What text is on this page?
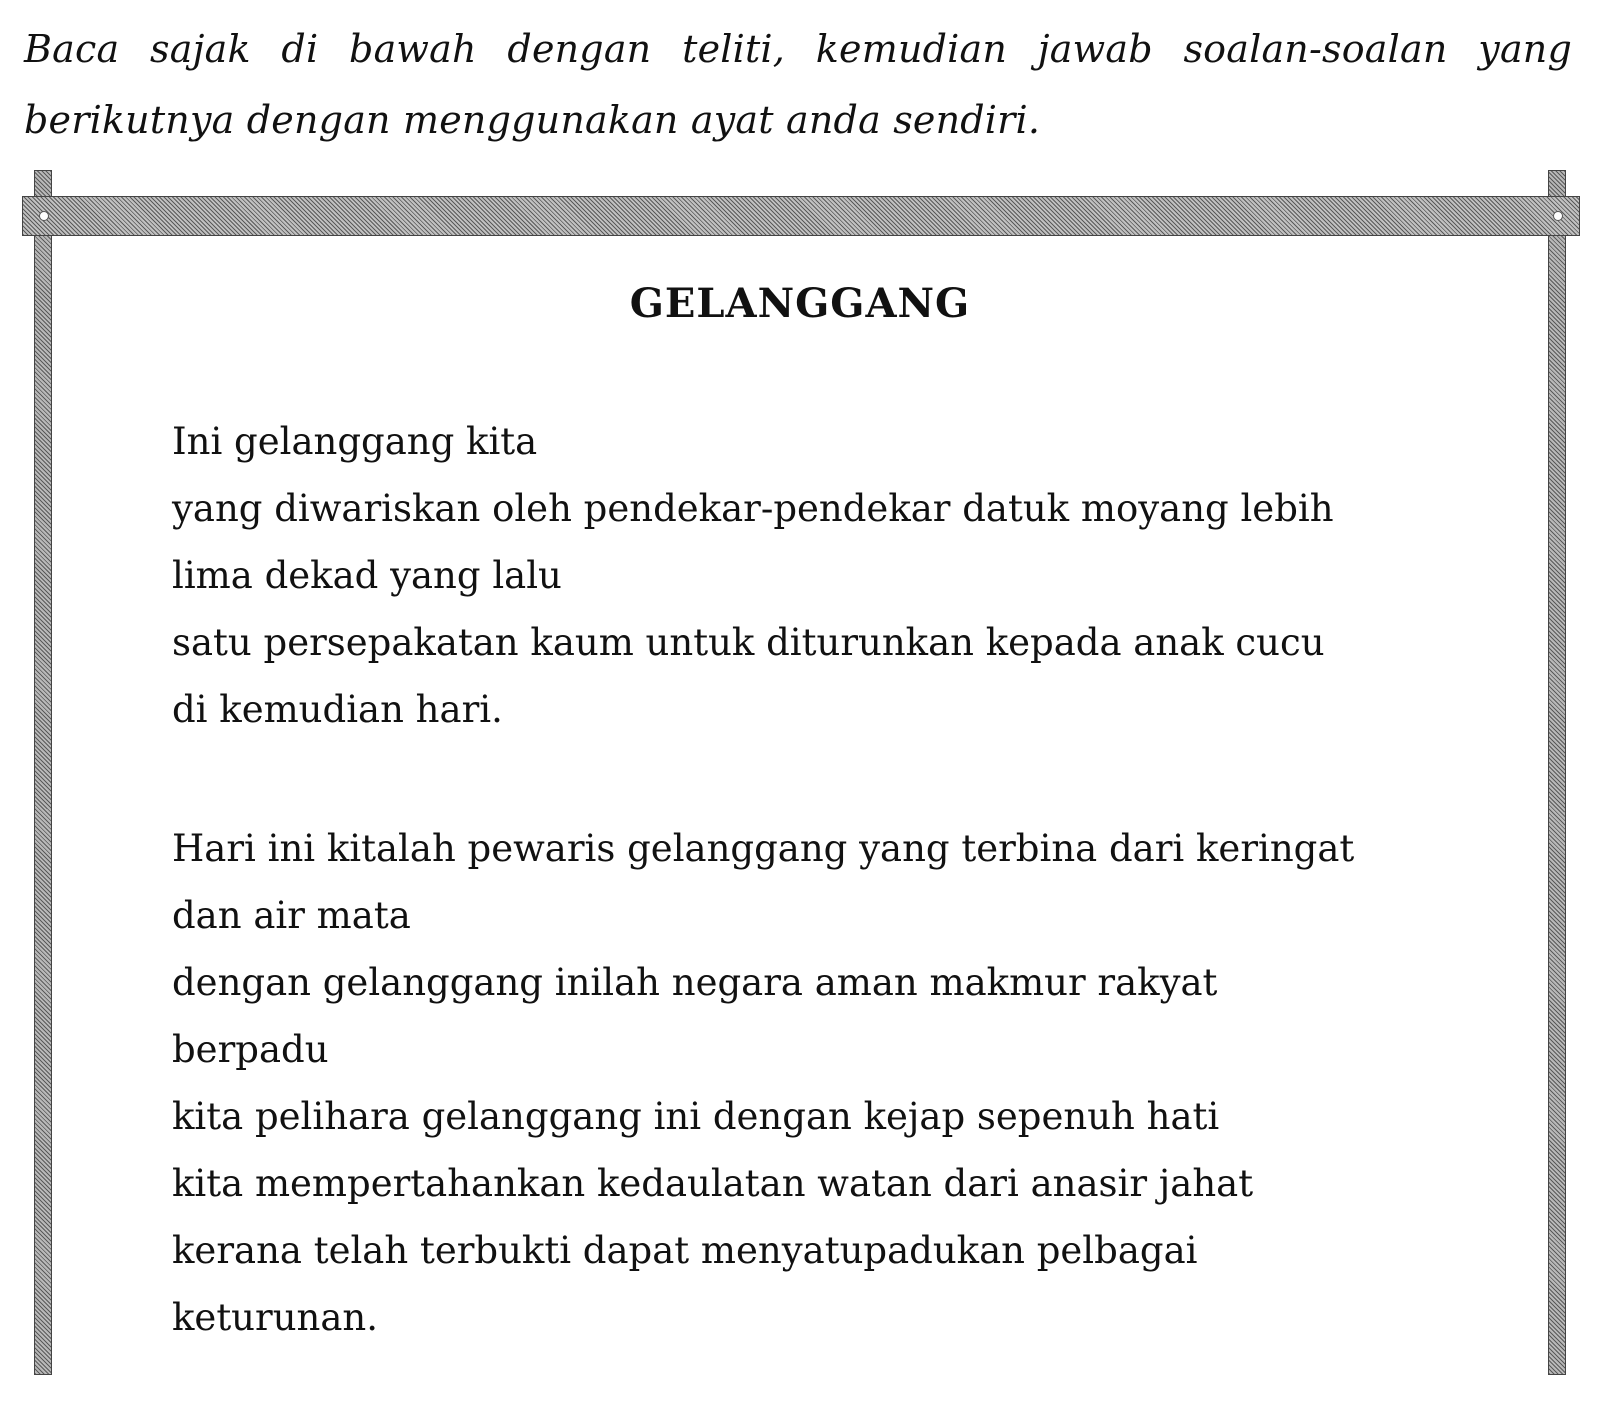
Baca sajak di bawah dengan teliti, kemudian jawab soalan-soalan yang berikutnya dengan menggunakan ayat anda sendiri.

GELANGGANG
Ini gelanggang kita
yang diwariskan oleh pendekar-pendekar datuk moyang lebih
lima dekad yang lalu
satu persepakatan kaum untuk diturunkan kepada anak cucu
di kemudian hari.
Hari ini kitalah pewaris gelanggang yang terbina dari keringat
dan air mata
dengan gelanggang inilah negara aman makmur rakyat
berpadu
kita pelihara gelanggang ini dengan kejap sepenuh hati
kita mempertahankan kedaulatan watan dari anasir jahat
kerana telah terbukti dapat menyatupadukan pelbagai
keturunan.
